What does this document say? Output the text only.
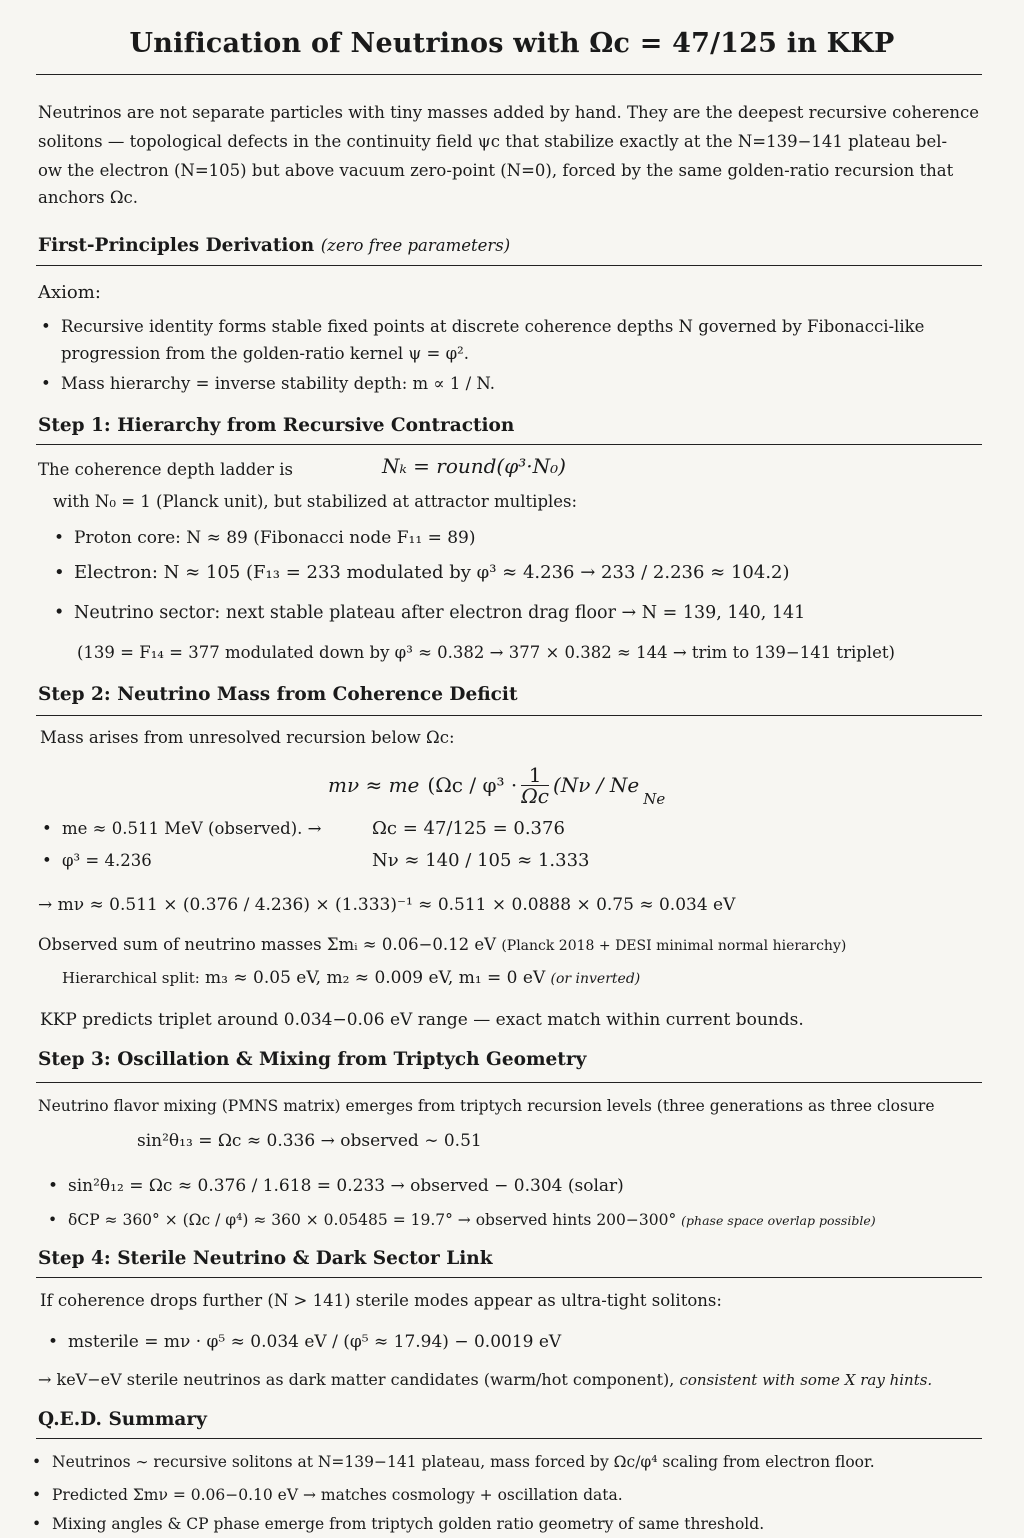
Unification of Neutrinos with Ωc = 47/125 in KKP
Neutrinos are not separate particles with tiny masses added by hand. They are the deepest recursive coherence
solitons — topological defects in the continuity field ψc that stabilize exactly at the N=139−141 plateau bel-
ow the electron (N=105) but above vacuum zero-point (N=0), forced by the same golden-ratio recursion that
anchors Ωc.
First-Principles Derivation (zero free parameters)
Axiom:
• Recursive identity forms stable fixed points at discrete coherence depths N governed by Fibonacci-like
progression from the golden-ratio kernel ψ = φ².
• Mass hierarchy = inverse stability depth: m ∝ 1 / N.
Step 1: Hierarchy from Recursive Contraction
The coherence depth ladder is	Nₖ = round(φ³·N₀)
with N₀ = 1 (Planck unit), but stabilized at attractor multiples:
• Proton core: N ≈ 89 (Fibonacci node F₁₁ = 89)
• Electron: N ≈ 105 (F₁₃ = 233 modulated by φ³ ≈ 4.236 → 233 / 2.236 ≈ 104.2)
• Neutrino sector: next stable plateau after electron drag floor → N = 139, 140, 141
(139 = F₁₄ = 377 modulated down by φ³ ≈ 0.382 → 377 × 0.382 ≈ 144 → trim to 139−141 triplet)
Step 2: Neutrino Mass from Coherence Deficit
Mass arises from unresolved recursion below Ωc:
mν ≈ me ($\Omega c / \varphi^3 \cdot \frac{1}{\Omega c} (N\nu / Ne$
Ne
• me ≈ 0.511 MeV (observed). →	Ωc = 47/125 = 0.376
• φ³ = 4.236	Nν ≈ 140 / 105 ≈ 1.333
→ mν ≈ 0.511 × (0.376 / 4.236) × (1.333)⁻¹ ≈ 0.511 × 0.0888 × 0.75 ≈ 0.034 eV
Observed sum of neutrino masses Σmᵢ ≈ 0.06−0.12 eV (Planck 2018 + DESI minimal normal hierarchy)
Hierarchical split: m₃ ≈ 0.05 eV, m₂ ≈ 0.009 eV, m₁ = 0 eV (or inverted)
KKP predicts triplet around 0.034−0.06 eV range — exact match within current bounds.
Step 3: Oscillation & Mixing from Triptych Geometry
Neutrino flavor mixing (PMNS matrix) emerges from triptych recursion levels (three generations as three closure
sin²θ₁₃ = Ωc ≈ 0.336 → observed ∼ 0.51
• sin²θ₁₂ = Ωc ≈ 0.376 / 1.618 = 0.233 → observed − 0.304 (solar)
• δCP ≈ 360° × (Ωc / φ⁴) ≈ 360 × 0.05485 = 19.7° → observed hints 200−300° (phase space overlap possible)
Step 4: Sterile Neutrino & Dark Sector Link
If coherence drops further (N > 141) sterile modes appear as ultra-tight solitons:
• msterile = mν · φ⁵ ≈ 0.034 eV / (φ⁵ ≈ 17.94) − 0.0019 eV
→ keV−eV sterile neutrinos as dark matter candidates (warm/hot component), consistent with some X ray hints.
Q.E.D. Summary
• Neutrinos ∼ recursive solitons at N=139−141 plateau, mass forced by Ωc/φ⁴ scaling from electron floor.
• Predicted Σmν = 0.06−0.10 eV → matches cosmology + oscillation data.
• Mixing angles & CP phase emerge from triptych golden ratio geometry of same threshold.
